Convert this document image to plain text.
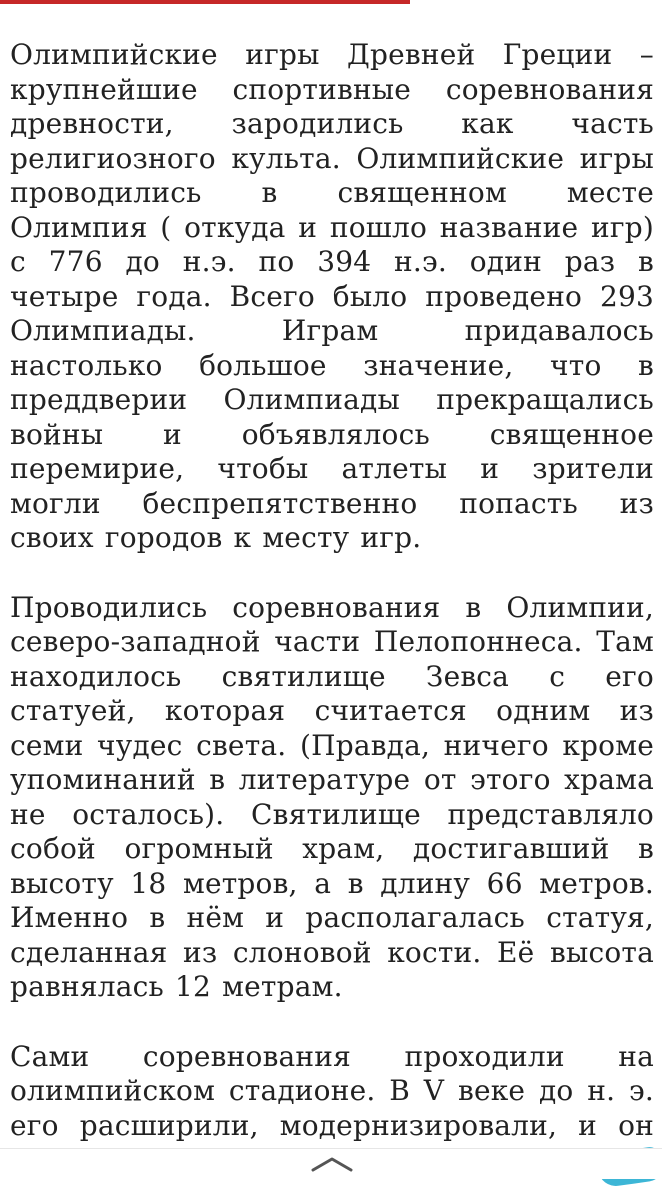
Олимпийские игры Древней Греции – крупнейшие спортивные соревнования древности, зародились как часть религиозного культа. Олимпийские игры проводились в священном месте Олимпия ( откуда и пошло название игр) с 776 до н.э. по 394 н.э. один раз в четыре года. Всего было проведено 293 Олимпиады. Играм придавалось настолько большое значение, что в преддверии Олимпиады прекращались войны и объявлялось священное перемирие, чтобы атлеты и зрители могли беспрепятственно попасть из своих городов к месту игр.

Проводились соревнования в Олимпии, северо-западной части Пелопоннеса. Там находилось святилище Зевса с его статуей, которая считается одним из семи чудес света. (Правда, ничего кроме упоминаний в литературе от этого храма не осталось). Святилище представляло собой огромный храм, достигавший в высоту 18 метров, а в длину 66 метров. Именно в нём и располагалась статуя, сделанная из слоновой кости. Её высота равнялась 12 метрам.

Сами соревнования проходили на олимпийском стадионе. В V веке до н. э. его расширили, модернизировали, и он
